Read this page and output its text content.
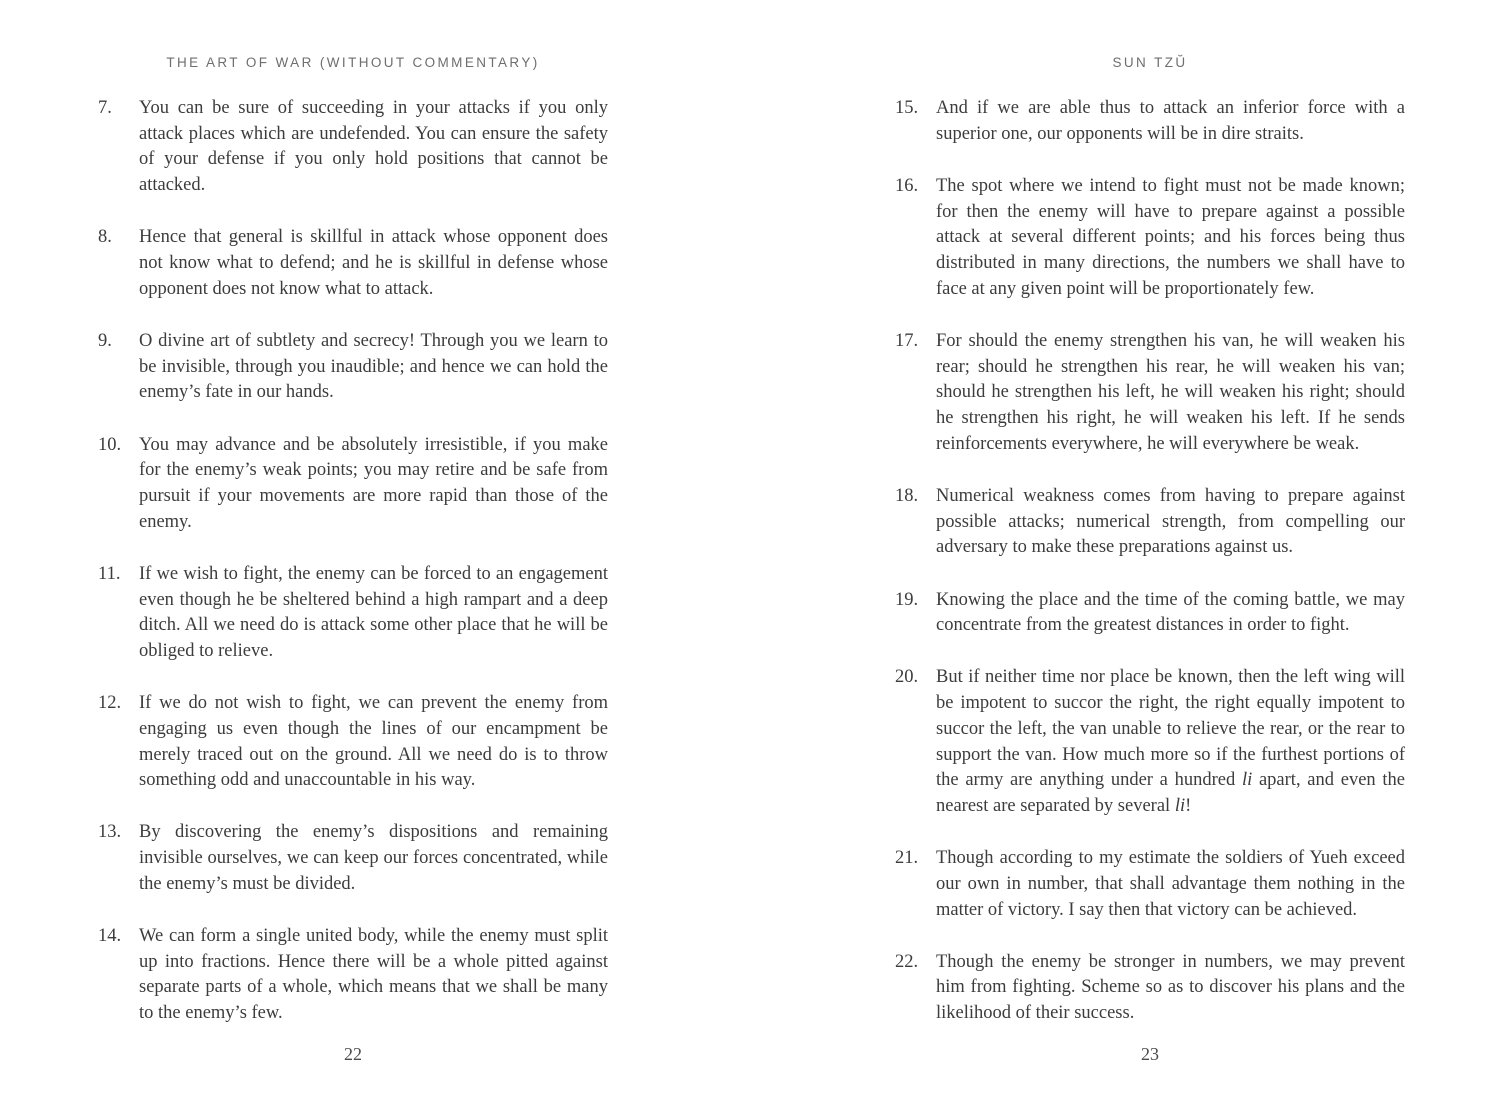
THE ART OF WAR (WITHOUT COMMENTARY)
7.	You can be sure of succeeding in your attacks if you only attack places which are undefended. You can ensure the safety of your defense if you only hold positions that cannot be attacked.

8.	Hence that general is skillful in attack whose opponent does not know what to defend; and he is skillful in defense whose opponent does not know what to attack.

9.	O divine art of subtlety and secrecy! Through you we learn to be invisible, through you inaudible; and hence we can hold the enemy’s fate in our hands.

10. You may advance and be absolutely irresistible, if you make for the enemy’s weak points; you may retire and be safe from pursuit if your movements are more rapid than those of the enemy.

11.	If we wish to fight, the enemy can be forced to an engagement even though he be sheltered behind a high rampart and a deep ditch. All we need do is attack some other place that he will be obliged to relieve.

12. If we do not wish to fight, we can prevent the enemy from engaging us even though the lines of our encampment be merely traced out on the ground. All we need do is to throw something odd and unaccountable in his way.

13. By discovering the enemy’s dispositions and remaining invisible ourselves, we can keep our forces concentrated, while the enemy’s must be divided.

14. We can form a single united body, while the enemy must split up into fractions. Hence there will be a whole pitted against separate parts of a whole, which means that we shall be many to the enemy’s few.

22
SUN TZŬ
15. And if we are able thus to attack an inferior force with a superior one, our opponents will be in dire straits.

16. The spot where we intend to fight must not be made known; for then the enemy will have to prepare against a possible attack at several different points; and his forces being thus distributed in many directions, the numbers we shall have to face at any given point will be proportionately few.

17. For should the enemy strengthen his van, he will weaken his rear; should he strengthen his rear, he will weaken his van; should he strengthen his left, he will weaken his right; should he strengthen his right, he will weaken his left. If he sends reinforcements everywhere, he will everywhere be weak.

18. Numerical weakness comes from having to prepare against possible attacks; numerical strength, from compelling our adversary to make these preparations against us.

19. Knowing the place and the time of the coming battle, we may concentrate from the greatest distances in order to fight.

20. But if neither time nor place be known, then the left wing will be impotent to succor the right, the right equally impotent to succor the left, the van unable to relieve the rear, or the rear to support the van. How much more so if the furthest portions of the army are anything under a hundred li apart, and even the nearest are separated by several li!

21. Though according to my estimate the soldiers of Yueh exceed our own in number, that shall advantage them nothing in the matter of victory. I say then that victory can be achieved.

22. Though the enemy be stronger in numbers, we may prevent him from fighting. Scheme so as to discover his plans and the likelihood of their success.

23
